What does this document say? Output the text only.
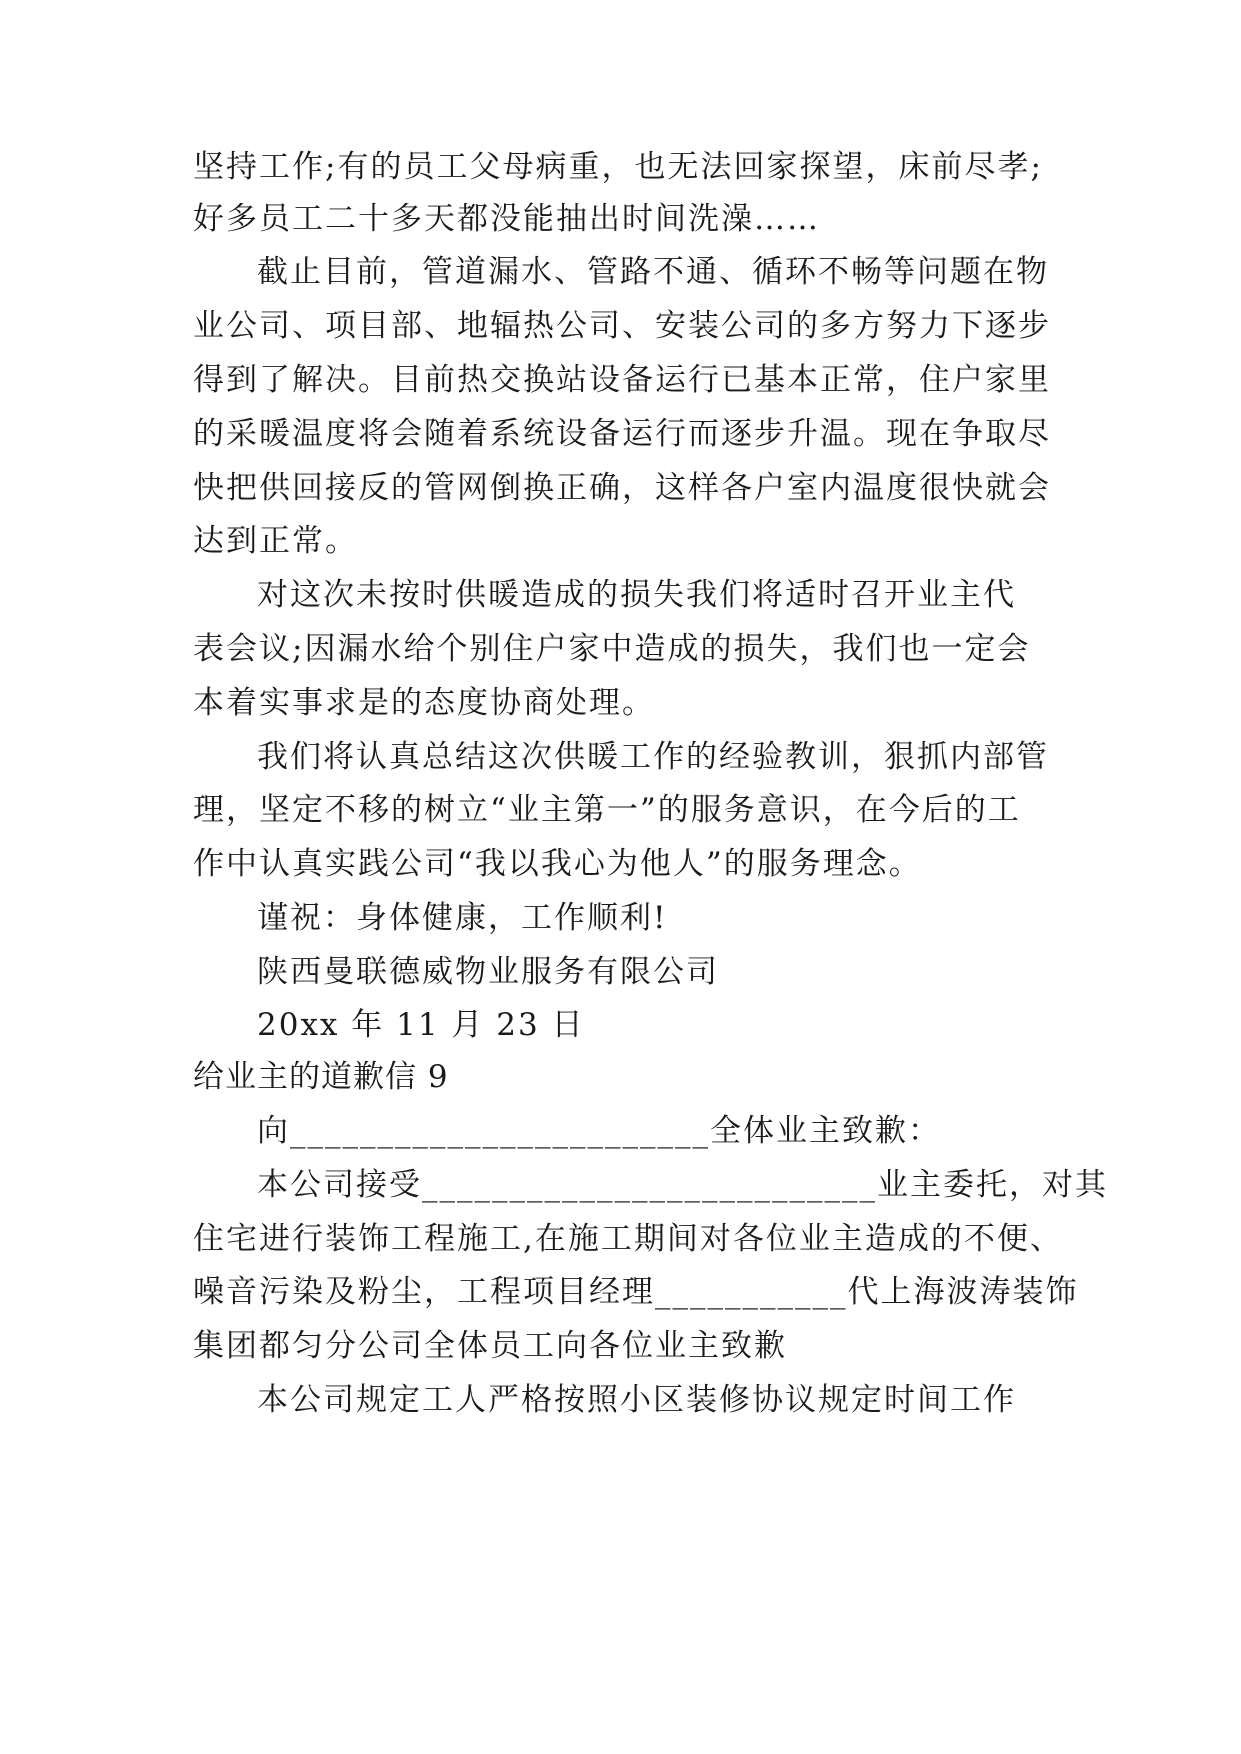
坚持工作;有的员工父母病重，也无法回家探望，床前尽孝;
好多员工二十多天都没能抽出时间洗澡……
截止目前，管道漏水、管路不通、循环不畅等问题在物
业公司、项目部、地辐热公司、安装公司的多方努力下逐步
得到了解决。目前热交换站设备运行已基本正常，住户家里
的采暖温度将会随着系统设备运行而逐步升温。现在争取尽
快把供回接反的管网倒换正确，这样各户室内温度很快就会
达到正常。
对这次未按时供暖造成的损失我们将适时召开业主代
表会议;因漏水给个别住户家中造成的损失，我们也一定会
本着实事求是的态度协商处理。
我们将认真总结这次供暖工作的经验教训，狠抓内部管
理，坚定不移的树立“业主第一”的服务意识，在今后的工
作中认真实践公司“我以我心为他人”的服务理念。
谨祝：身体健康，工作顺利!
陕西曼联德威物业服务有限公司
20xx 年 11 月 23 日
给业主的道歉信 9
向________________________全体业主致歉：
本公司接受__________________________业主委托，对其
住宅进行装饰工程施工,在施工期间对各位业主造成的不便、
噪音污染及粉尘，工程项目经理___________代上海波涛装饰
集团都匀分公司全体员工向各位业主致歉
本公司规定工人严格按照小区装修协议规定时间工作
